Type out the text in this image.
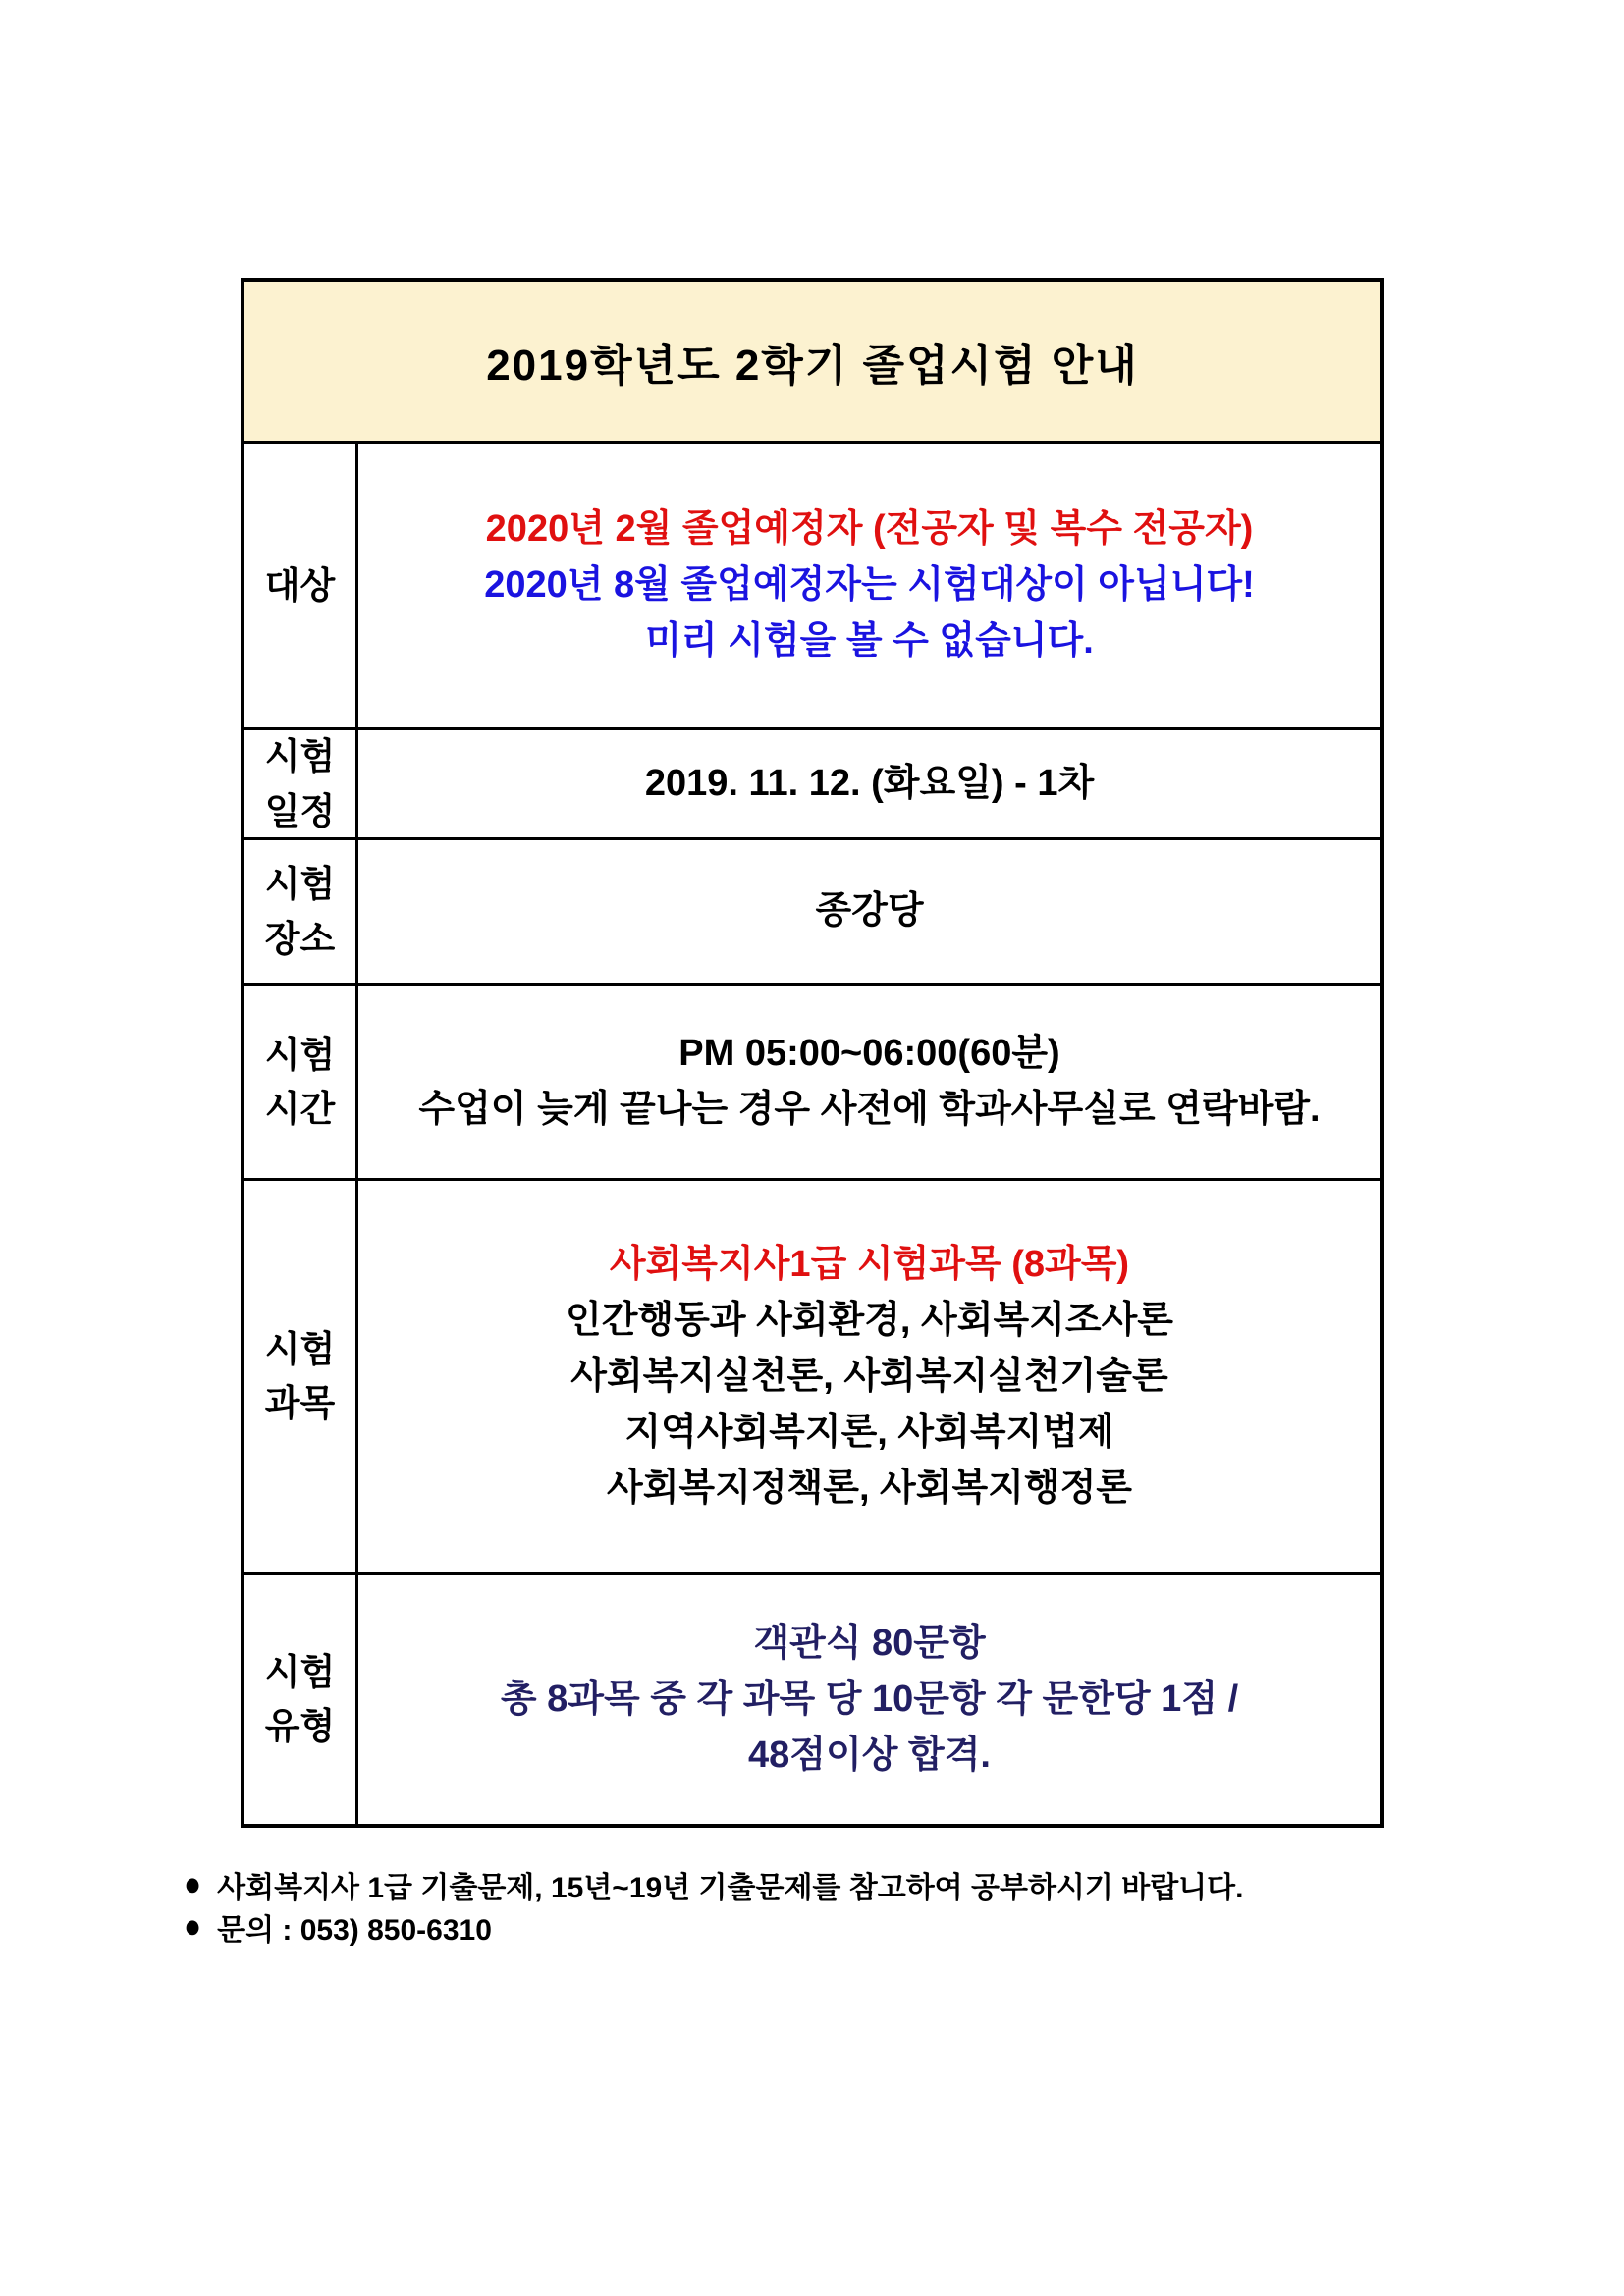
2019학년도 2학기 졸업시험 안내
대상

2020년 2월 졸업예정자 (전공자 및 복수 전공자)

2020년 8월 졸업예정자는 시험대상이 아닙니다!

미리 시험을 볼 수 없습니다.

시험
일정

2019. 11. 12. (화요일) - 1차

시험
장소

종강당

시험
시간

PM 05:00~06:00(60분)

수업이 늦게 끝나는 경우 사전에 학과사무실로 연락바람.

시험
과목

사회복지사1급 시험과목 (8과목)

인간행동과 사회환경, 사회복지조사론

사회복지실천론, 사회복지실천기술론

지역사회복지론, 사회복지법제

사회복지정책론, 사회복지행정론

시험
유형

객관식 80문항

총 8과목 중 각 과목 당 10문항 각 문한당 1점 /

48점이상 합격.

● 사회복지사 1급 기출문제, 15년~19년 기출문제를 참고하여 공부하시기 바랍니다.

● 문의 : 053) 850-6310
